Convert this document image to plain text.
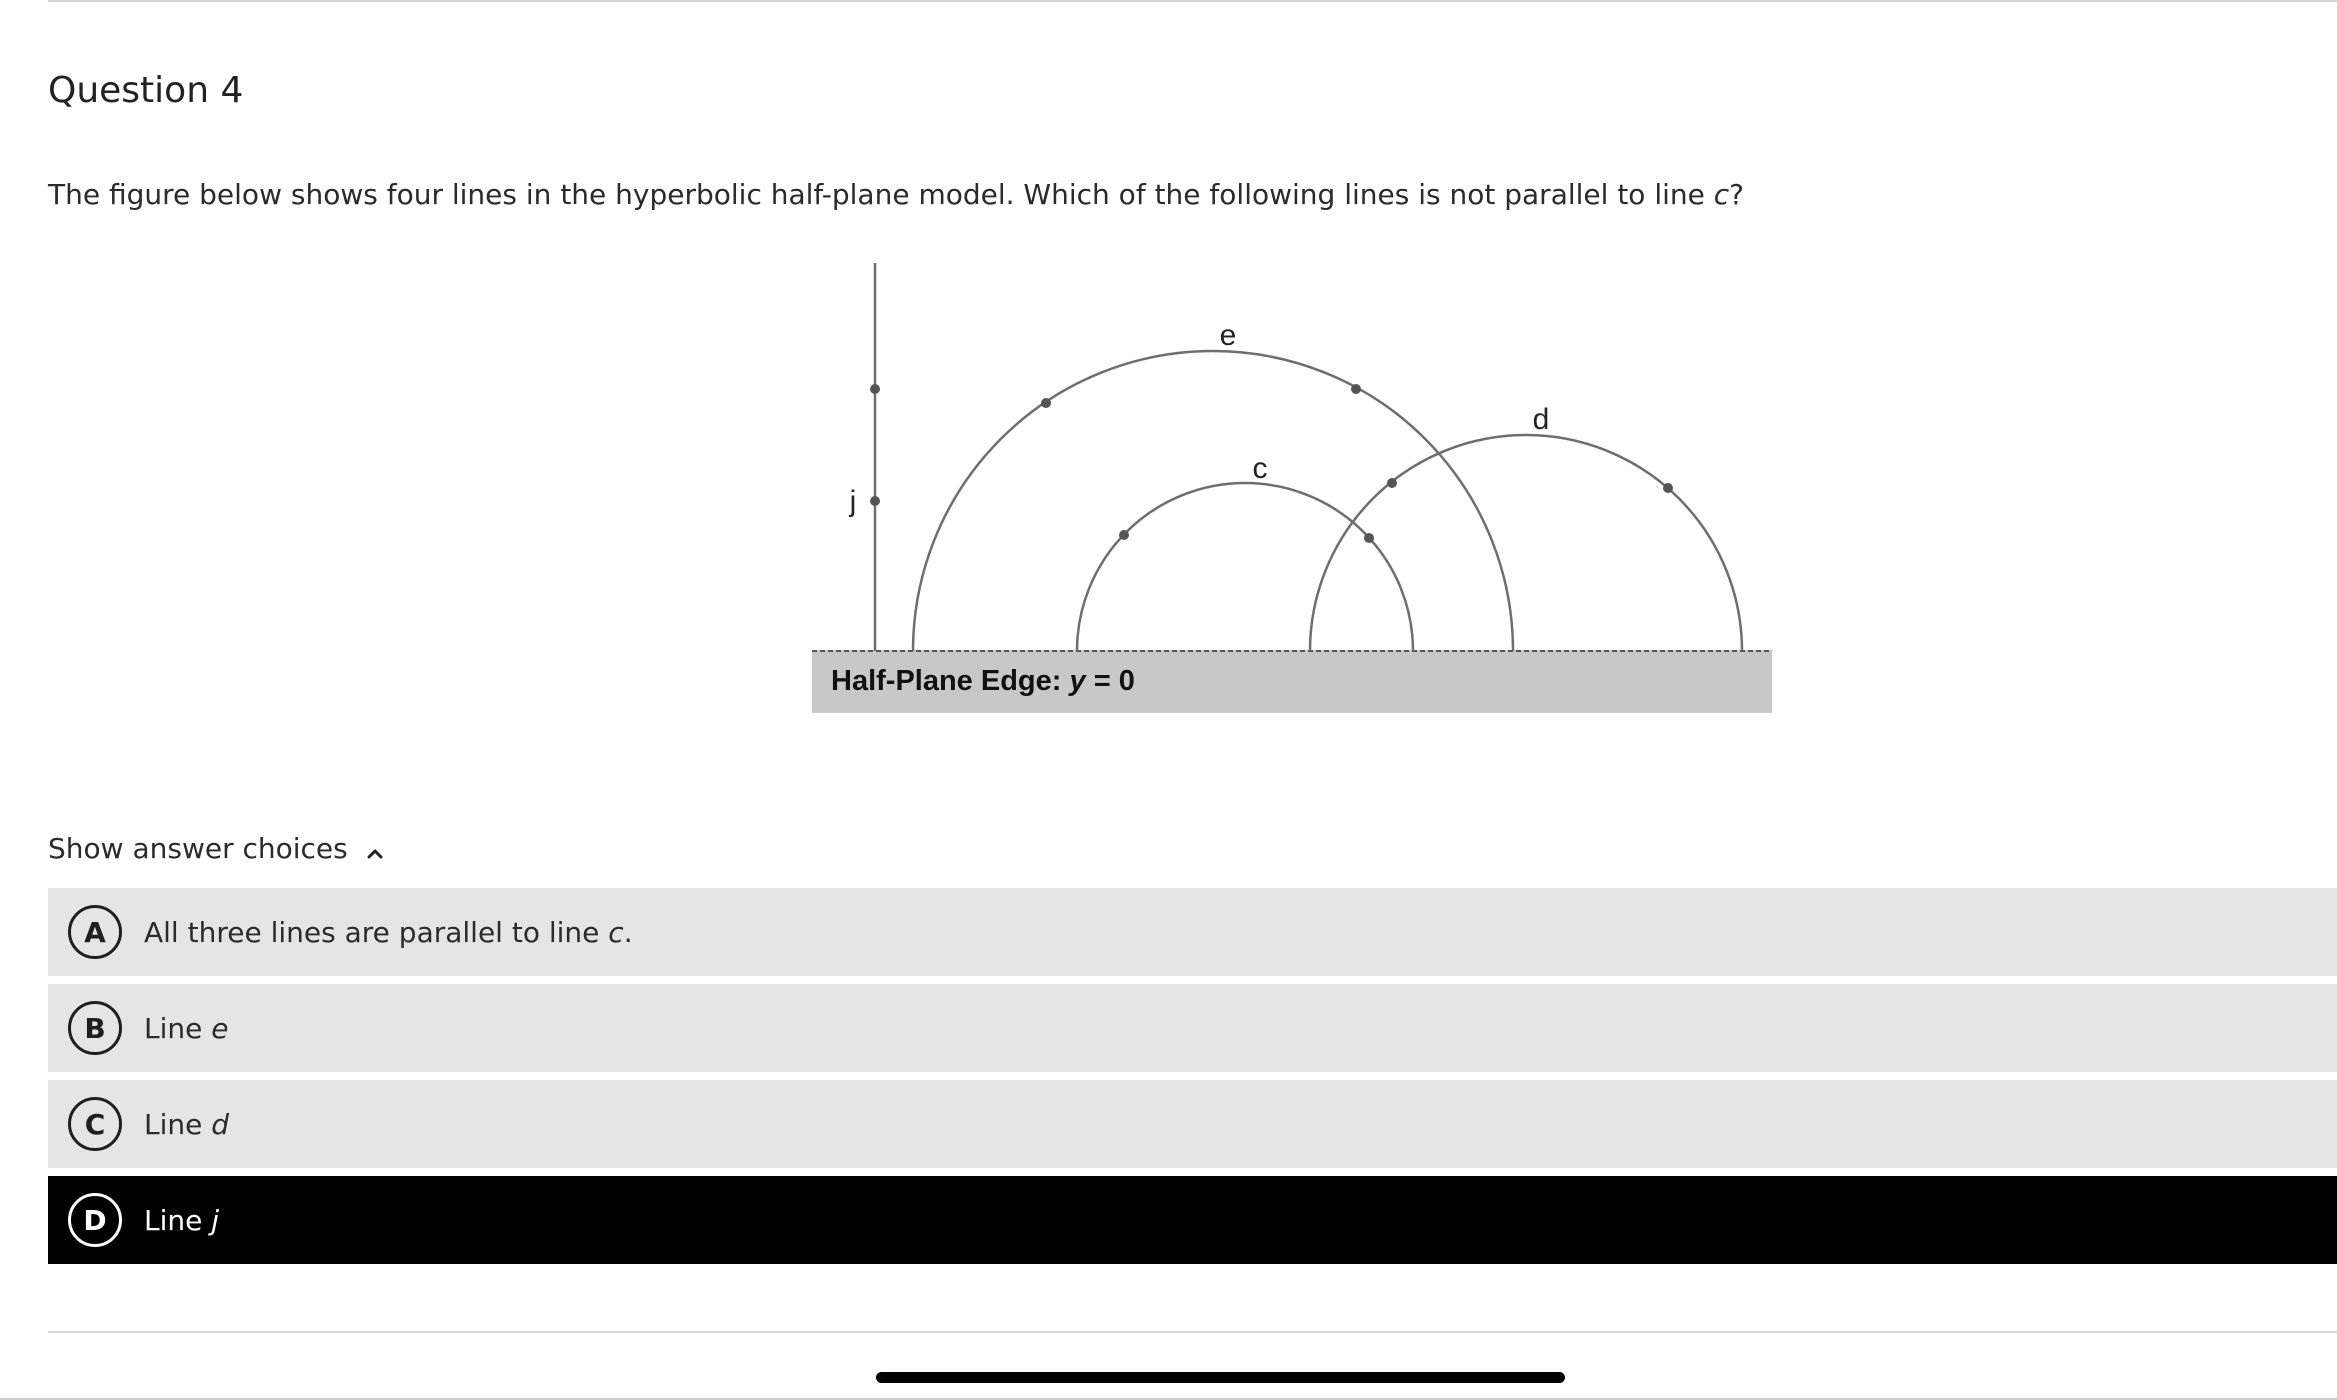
Question 4

The figure below shows four lines in the hyperbolic half-plane model. Which of the following lines is not parallel to line c?

e
c
d
j
Half-Plane Edge: y = 0
Show answer choices
A	All three lines are parallel to line c.
B	Line e
C	Line d
D	Line j
